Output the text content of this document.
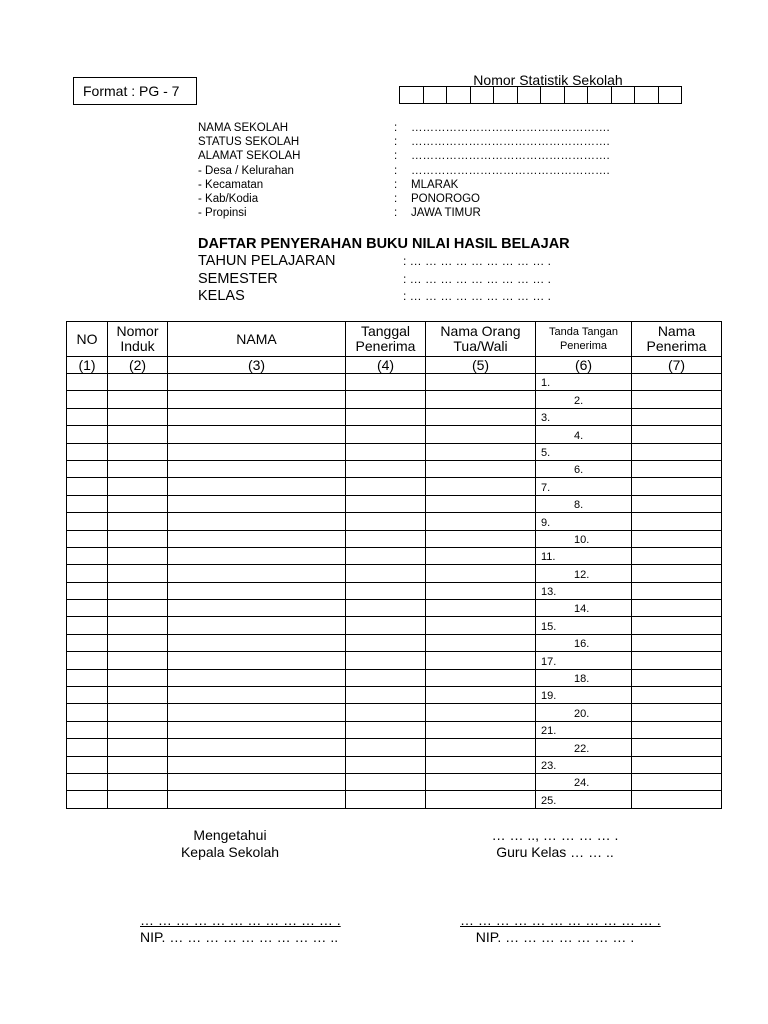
Format : PG - 7
Nomor Statistik Sekolah
NAMA SEKOLAH	: …………………………………………….
STATUS SEKOLAH	: …………………………………………….
ALAMAT SEKOLAH	: …………………………………………….
- Desa / Kelurahan	: …………………………………………….
- Kecamatan	: MLARAK
- Kab/Kodia	: PONOROGO
- Propinsi	: JAWA TIMUR
DAFTAR PENYERAHAN BUKU NILAI HASIL BELAJAR
TAHUN PELAJARAN	: … … … … … … … … … .
SEMESTER	: … … … … … … … … … .
KELAS	: … … … … … … … … … .
NO	Nomor Induk	NAMA	Tanggal Penerima	Nama Orang Tua/Wali	Tanda Tangan Penerima	Nama Penerima
(1)	(2)	(3)	(4)	(5)	(6)	(7)
					1.	
					2.	
					3.	
					4.	
					5.	
					6.	
					7.	
					8.	
					9.	
					10.	
					11.	
					12.	
					13.	
					14.	
					15.	
					16.	
					17.	
					18.	
					19.	
					20.	
					21.	
					22.	
					23.	
					24.	
					25.	
Mengetahui
Kepala Sekolah
… … .., … … … … .
Guru Kelas … … ..
… … … … … … … … … … … .
NIP. … … … … … … … … … ..
… … … … … … … … … … … .
NIP. … … … … … … … .
